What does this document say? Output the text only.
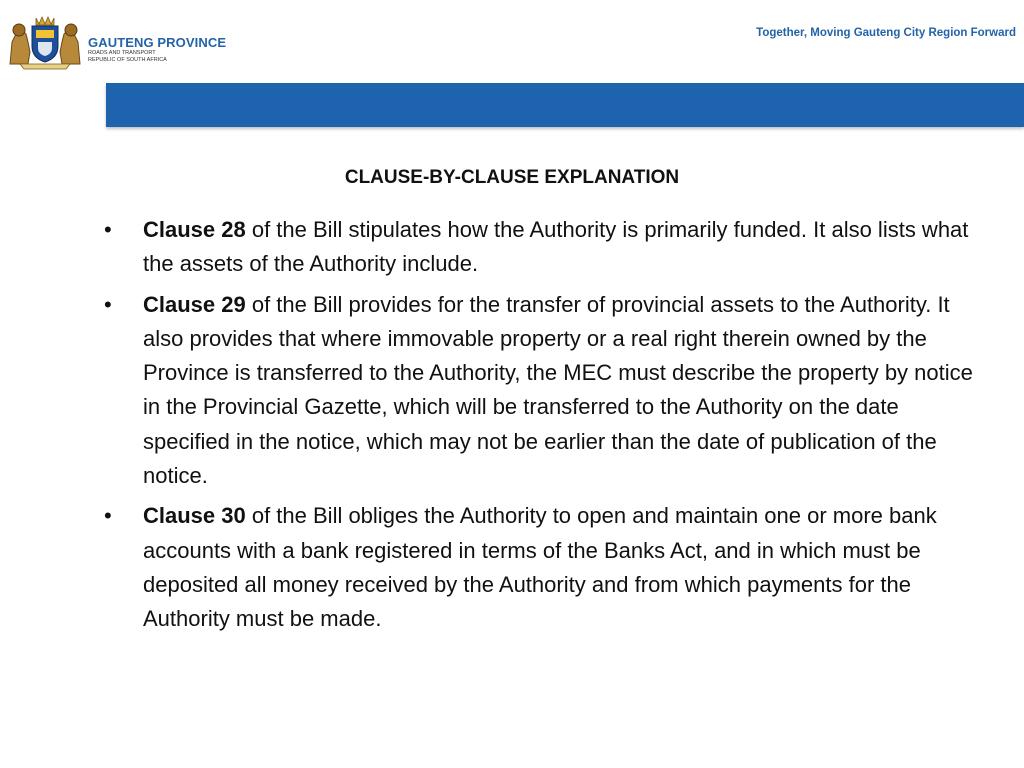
GAUTENG PROVINCE
ROADS AND TRANSPORT
REPUBLIC OF SOUTH AFRICA
Together, Moving Gauteng City Region Forward
CLAUSE-BY-CLAUSE EXPLANATION
• Clause 28 of the Bill stipulates how the Authority is primarily funded. It also lists what the assets of the Authority include.
• Clause 29 of the Bill provides for the transfer of provincial assets to the Authority. It also provides that where immovable property or a real right therein owned by the Province is transferred to the Authority, the MEC must describe the property by notice in the Provincial Gazette, which will be transferred to the Authority on the date specified in the notice, which may not be earlier than the date of publication of the notice.
• Clause 30 of the Bill obliges the Authority to open and maintain one or more bank accounts with a bank registered in terms of the Banks Act, and in which must be deposited all money received by the Authority and from which payments for the Authority must be made.
